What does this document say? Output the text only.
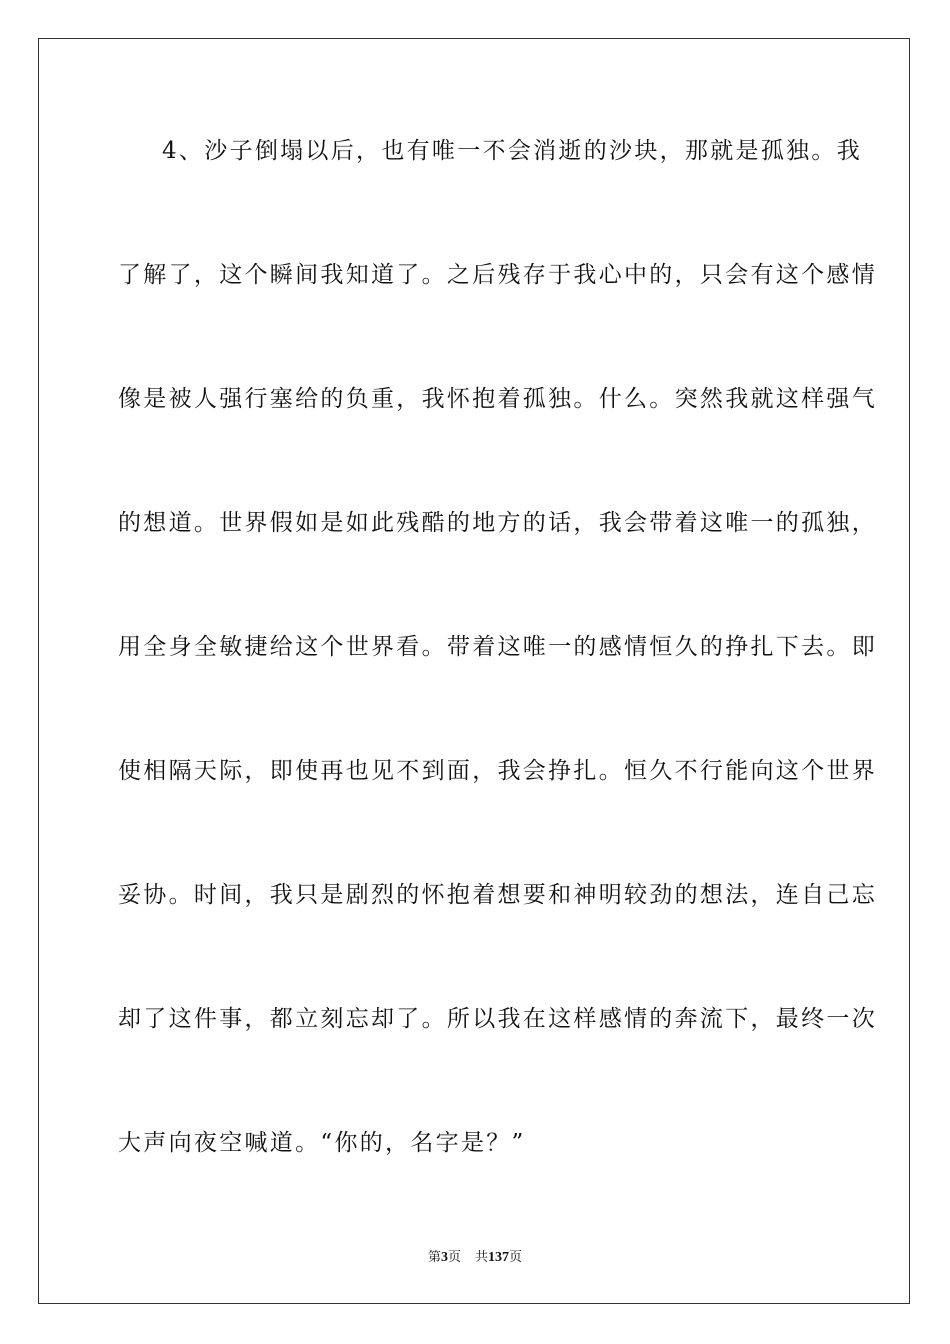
4、沙子倒塌以后，也有唯一不会消逝的沙块，那就是孤独。我
了解了，这个瞬间我知道了。之后残存于我心中的，只会有这个感情
像是被人强行塞给的负重，我怀抱着孤独。什么。突然我就这样强气
的想道。世界假如是如此残酷的地方的话，我会带着这唯一的孤独，
用全身全敏捷给这个世界看。带着这唯一的感情恒久的挣扎下去。即
使相隔天际，即使再也见不到面，我会挣扎。恒久不行能向这个世界
妥协。时间，我只是剧烈的怀抱着想要和神明较劲的想法，连自己忘
却了这件事，都立刻忘却了。所以我在这样感情的奔流下，最终一次
大声向夜空喊道。“你的，名字是？”
第3页 共137页
